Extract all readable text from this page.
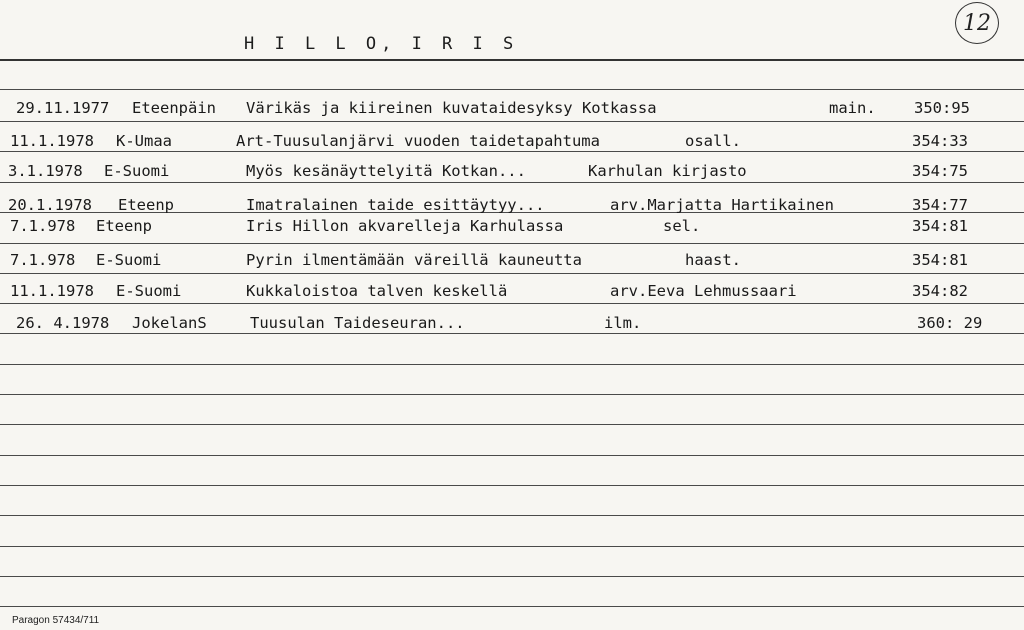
H I L L O, I R I S
12
29.11.1977 Eteenpäin Värikäs ja kiireinen kuvataidesyksy Kotkassa	main. 350:95
11.1.1978 K-Umaa	Art-Tuusulanjärvi vuoden taidetapahtuma	osall.	354:33
3.1.1978 E-Suomi	Myös kesänäyttelyitä Kotkan...	Karhulan kirjasto	354:75
20.1.1978 Eteenp	Imatralainen taide esittäytyy...	arv.Marjatta Hartikainen	354:77
7.1.978 Eteenp	Iris Hillon akvarelleja Karhulassa	sel.	354:81
7.1.978 E-Suomi	Pyrin ilmentämään väreillä kauneutta	haast.	354:81
11.1.1978 E-Suomi	Kukkaloistoa talven keskellä	arv.Eeva Lehmussaari	354:82
26. 4.1978 JokelanS	Tuusulan Taideseuran...	ilm.	360: 29
Paragon 57434/711
